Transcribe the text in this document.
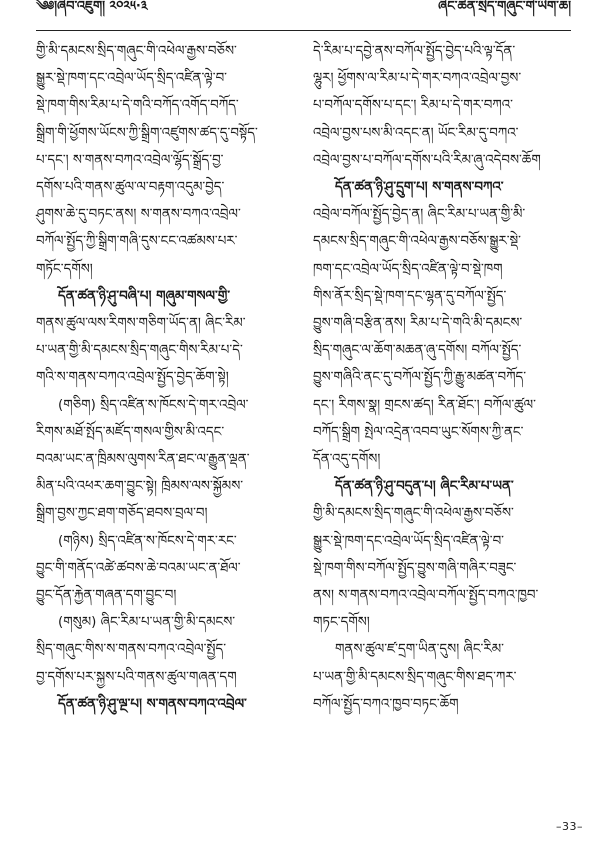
༄༅།ཞིབ་འཇུག། ༢༠༢༥·༣	ཞིང་ཆེན་སྲིད་གཞུང་གི་ཡིག་ཆ།
གྱི་མི་དམངས་སྲིད་གཞུང་གི་འཕེལ་རྒྱས་བཅོས་
སྒྱུར་སྡེ་ཁག་དང་འབྲེལ་ཡོད་སྲིད་འཛིན་ལྟེ་བ་
སྡེ་ཁག་གིས་རིམ་པ་དེ་གའི་བཀོད་འགོད་བཀོད་
སྒྲིག་གི་ཕྱོགས་ཡོངས་ཀྱི་སྒྲིག་འཛུགས་ཚད་དུ་བསྟོད་
པ་དང་། ས་གནས་བཀའ་འབྲེལ་ལྷོད་སྒྲོད་བྱ་
དགོས་པའི་གནས་ཚུལ་ལ་བརྟག་འདུམ་བྱེད་
ཤུགས་ཆེ་དུ་བཏང་ནས། ས་གནས་བཀའ་འབྲེལ་
བཀོལ་སྤྱོད་ཀྱི་སྒྲིག་གཞི་དུས་ངང་འཚམས་པར་
གཏོང་དགོས།
དོན་ཚན་ཉི་ཤུ་བཞི་པ། གཞུམ་གསལ་གྱི་
གནས་ཚུལ་ལས་རིགས་གཅིག་ཡོད་ན། ཞིང་རིམ་
པ་ཡན་གྱི་མི་དམངས་སྲིད་གཞུང་གིས་རིམ་པ་དེ་
གའི་ས་གནས་བཀའ་འབྲེལ་སྤྱོད་བྱེད་ཆོག་སྟེ།
(གཅིག) སྲིད་འཛིན་ས་ཁོངས་དེ་གར་འབྲེལ་
རིགས་མཐོ་སྤོད་མཛོད་གསལ་གྱིས་མི་འདང་
བའམ་ཡང་ན་ཁྲིམས་ལུགས་རིན་ཐང་ལ་རྒྱུན་ལྡན་
མིན་པའི་འཕར་ཆག་བྱུང་སྟེ། ཁྲིམས་ལས་སྐྱོམས་
སྒྲིག་བྱས་ཀྱང་ཐག་གཅོད་ཐབས་བྲལ་བ།
(གཉིས) སྲིད་འཛིན་ས་ཁོངས་དེ་གར་རང་
བྱུང་གི་གནོད་འཚེ་ཚབས་ཆེ་བའམ་ཡང་ན་ཐོལ་
བྱུང་དོན་རྐྱེན་གཞན་དག་བྱུང་བ།
(གསུམ) ཞིང་རིམ་པ་ཡན་གྱི་མི་དམངས་
སྲིད་གཞུང་གིས་ས་གནས་བཀའ་འབྲེལ་སྤྱོད་
བྱ་དགོས་པར་སྐྱས་པའི་གནས་ཚུལ་གཞན་དག
དོན་ཚན་ཉི་ཤུ་ལྔ་པ། ས་གནས་བཀའ་འབྲེལ་
དེ་རིམ་པ་དབྱེ་ནས་བཀོལ་སྤྱོད་བྱེད་པའི་ལྟ་དོན་
ལྷུར། ཕྱོགས་ལ་རིམ་པ་དེ་གར་བཀའ་འབྲེལ་བྱས་
པ་བཀོལ་དགོས་པ་དང་། རིམ་པ་དེ་གར་བཀའ་
འབྲེལ་བྱས་པས་མི་འདང་ན། ཡོང་རིམ་དུ་བཀའ་
འབྲེལ་བྱས་པ་བཀོལ་དགོས་པའི་རིམ་ཞུ་འདེབས་ཆོག
དོན་ཚན་ཉི་ཤུ་དྲུག་པ། ས་གནས་བཀའ་
འབྲེལ་བཀོལ་སྤྱོད་བྱེད་ན། ཞིང་རིམ་པ་ཡན་གྱི་མི་
དམངས་སྲིད་གཞུང་གི་འཕེལ་རྒྱས་བཅོས་སྒྱུར་སྡེ་
ཁག་དང་འབྲེལ་ཡོད་སྲིད་འཛིན་ལྟེ་བ་སྡེ་ཁག
གིས་ནོར་སྲིད་སྡེ་ཁག་དང་ལྷན་དུ་བཀོལ་སྤྱོད་
བྱུས་གཞི་བརྩིན་ནས། རིམ་པ་དེ་གའི་མི་དམངས་
སྲིད་གཞུང་ལ་ཆོག་མཆན་ཞུ་དགོས། བཀོལ་སྤྱོད་
བྱུས་གཞིའི་ནང་དུ་བཀོལ་སྤྱོད་ཀྱི་རྒྱུ་མཚན་བཀོད་
དང་། རིགས་སྣ། གྲངས་ཚད། རིན་ཐོང་། བཀོལ་ཚུལ་
བཀོད་སྒྲིག སྤེལ་འདྲེན་འབབ་ཡུང་སོགས་ཀྱི་ནང་
དོན་འདུ་དགོས།
དོན་ཚན་ཉི་ཤུ་བདུན་པ། ཞིང་རིམ་པ་ཡན་
གྱི་མི་དམངས་སྲིད་གཞུང་གི་འཕེལ་རྒྱས་བཅོས་
སྒྱུར་སྡེ་ཁག་དང་འབྲེལ་ཡོད་སྲིད་འཛིན་ལྟེ་བ་
སྡེ་ཁག་གིས་བཀོལ་སྤྱོད་བྱུས་གཞི་གཞིར་བཟུང་
ནས། ས་གནས་བཀའ་འབྲེལ་བཀོལ་སྤྱོད་བཀའ་ཁྱབ་
གཏང་དགོས།
གནས་ཚུལ་ཛ་དྲག་ཡིན་དུས། ཞིང་རིམ་
པ་ཡན་གྱི་མི་དམངས་སྲིད་གཞུང་གིས་ཐད་ཀར་
བཀོལ་སྤྱོད་བཀའ་ཁྱབ་བཏང་ཆོག
–33–
